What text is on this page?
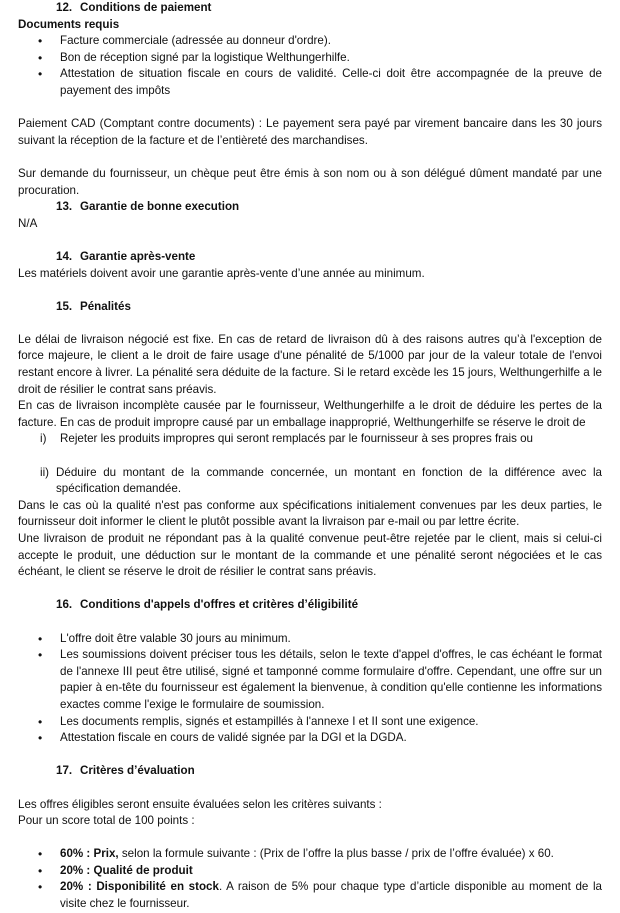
12. Conditions de paiement
Documents requis
• Facture commerciale (adressée au donneur d'ordre).
• Bon de réception signé par la logistique Welthungerhilfe.
• Attestation de situation fiscale en cours de validité. Celle-ci doit être accompagnée de la preuve de payement des impôts
Paiement CAD (Comptant contre documents) : Le payement sera payé par virement bancaire dans les 30 jours suivant la réception de la facture et de l’entièreté des marchandises.
Sur demande du fournisseur, un chèque peut être émis à son nom ou à son délégué dûment mandaté par une procuration.
13. Garantie de bonne execution
N/A
14. Garantie après-vente
Les matériels doivent avoir une garantie après-vente d’une année au minimum.
15. Pénalités
Le délai de livraison négocié est fixe. En cas de retard de livraison dû à des raisons autres qu’à l'exception de force majeure, le client a le droit de faire usage d'une pénalité de 5/1000 par jour de la valeur totale de l'envoi restant encore à livrer. La pénalité sera déduite de la facture. Si le retard excède les 15 jours, Welthungerhilfe a le droit de résilier le contrat sans préavis.
En cas de livraison incomplète causée par le fournisseur, Welthungerhilfe a le droit de déduire les pertes de la facture. En cas de produit impropre causé par un emballage inapproprié, Welthungerhilfe se réserve le droit de
i) Rejeter les produits impropres qui seront remplacés par le fournisseur à ses propres frais ou
ii) Déduire du montant de la commande concernée, un montant en fonction de la différence avec la spécification demandée.
Dans le cas où la qualité n'est pas conforme aux spécifications initialement convenues par les deux parties, le fournisseur doit informer le client le plutôt possible avant la livraison par e-mail ou par lettre écrite.
Une livraison de produit ne répondant pas à la qualité convenue peut-être rejetée par le client, mais si celui-ci accepte le produit, une déduction sur le montant de la commande et une pénalité seront négociées et le cas échéant, le client se réserve le droit de résilier le contrat sans préavis.
16. Conditions d'appels d'offres et critères d’éligibilité
• L'offre doit être valable 30 jours au minimum.
• Les soumissions doivent préciser tous les détails, selon le texte d'appel d'offres, le cas échéant le format de l'annexe III peut être utilisé, signé et tamponné comme formulaire d'offre. Cependant, une offre sur un papier à en-tête du fournisseur est également la bienvenue, à condition qu'elle contienne les informations exactes comme l'exige le formulaire de soumission.
• Les documents remplis, signés et estampillés à l'annexe I et II sont une exigence.
• Attestation fiscale en cours de validé signée par la DGI et la DGDA.
17. Critères d’évaluation
Les offres éligibles seront ensuite évaluées selon les critères suivants :
Pour un score total de 100 points :
• 60% : Prix, selon la formule suivante : (Prix de l’offre la plus basse / prix de l’offre évaluée) x 60.
• 20% : Qualité de produit
• 20% : Disponibilité en stock. A raison de 5% pour chaque type d’article disponible au moment de la visite chez le fournisseur.
